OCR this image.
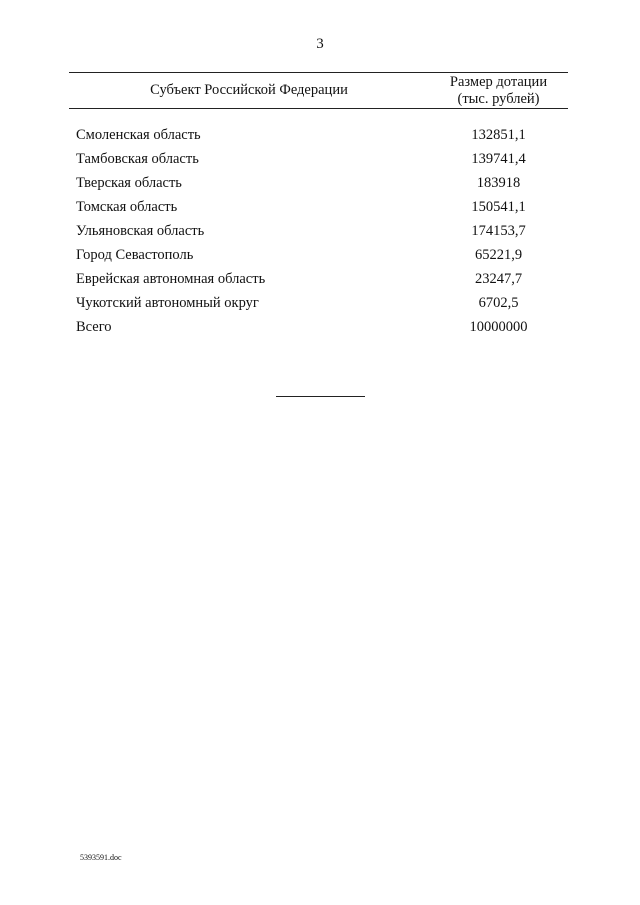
3
Субъект Российской Федерации
Размер дотации
(тыс. рублей)
Смоленская область	132851,1
Тамбовская область	139741,4
Тверская область	183918
Томская область	150541,1
Ульяновская область	174153,7
Город Севастополь	65221,9
Еврейская автономная область	23247,7
Чукотский автономный округ	6702,5
Всего	10000000
5393591.doc
